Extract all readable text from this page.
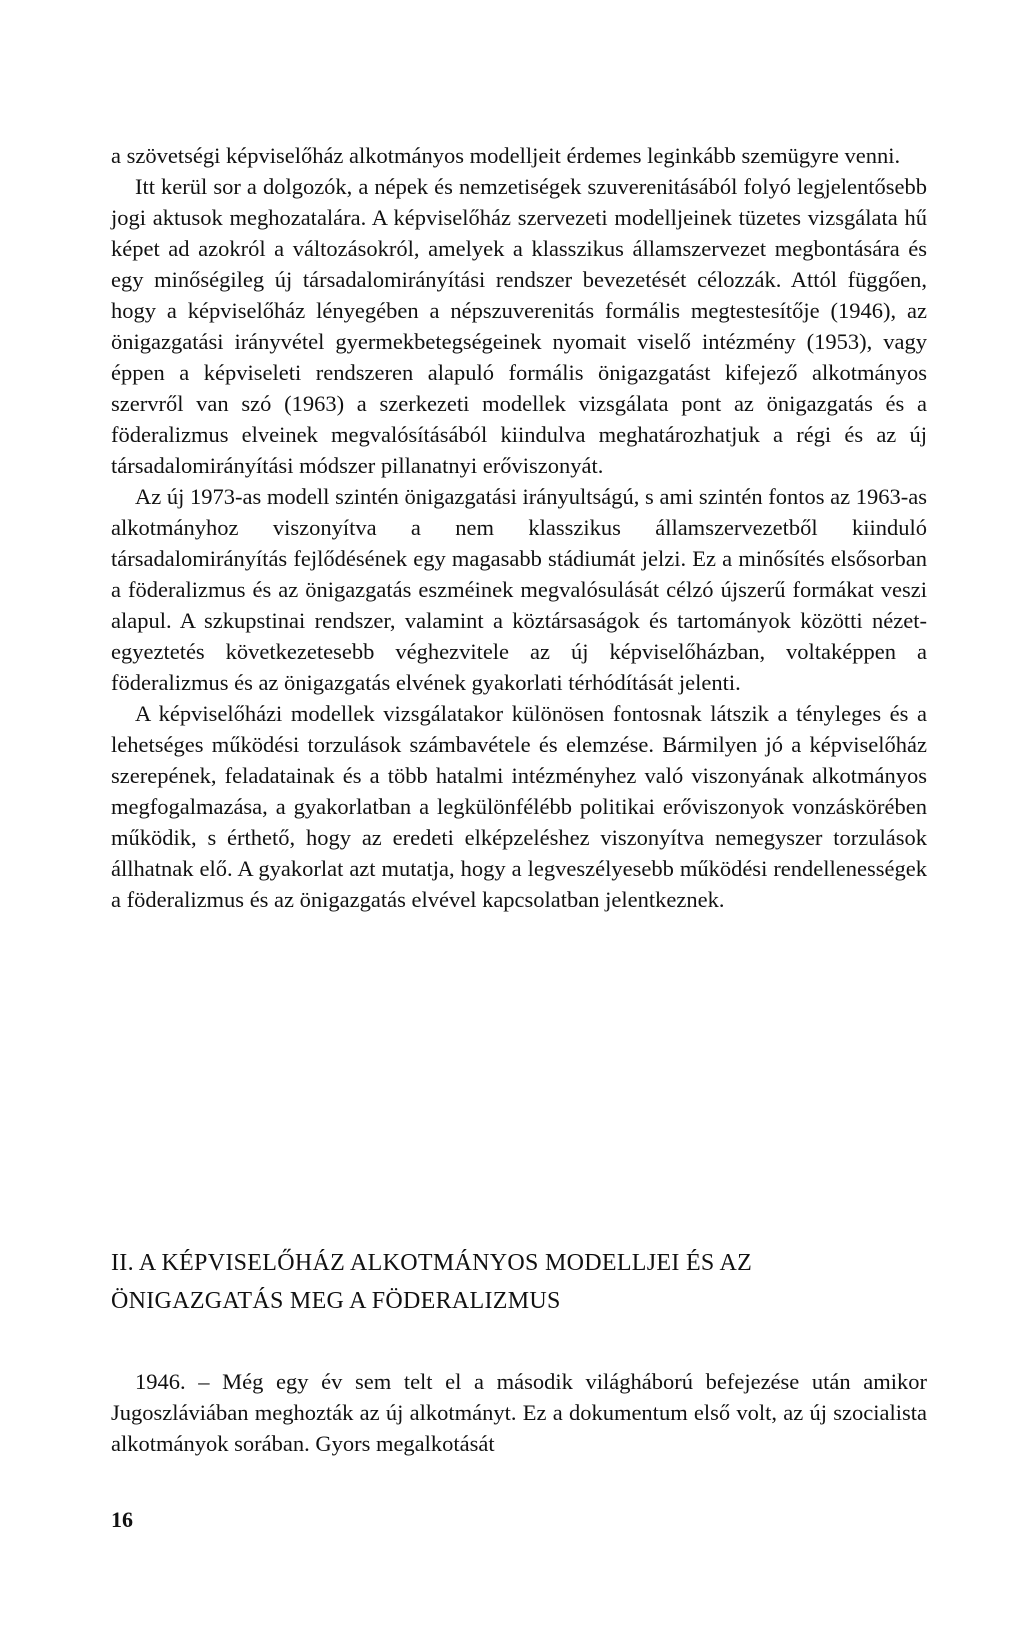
a szövetségi képviselőház alkotmányos modelljeit érdemes leginkább szemügyre venni.

Itt kerül sor a dolgozók, a népek és nemzetiségek szuverenitásából folyó legjelentősebb jogi aktusok meghozatalára. A képviselőház szervezeti modelljeinek tüzetes vizsgálata hű képet ad azokról a változásokról, amelyek a klasszikus államszervezet megbontására és egy minőségileg új társadalomirányítási rendszer bevezetését célozzák. Attól függően, hogy a képviselőház lényegében a népszuverenitás formális megtestesítője (1946), az önigazgatási irányvétel gyermekbetegségeinek nyomait viselő intézmény (1953), vagy éppen a képviseleti rendszeren alapuló formális önigazgatást kifejező alkotmányos szervről van szó (1963) a szerkezeti modellek vizsgálata pont az önigazgatás és a föderalizmus elveinek megvalósításából kiindulva meghatározhatjuk a régi és az új társadalomirányítási módszer pillanatnyi erőviszonyát.

Az új 1973-as modell szintén önigazgatási irányultságú, s ami szintén fontos az 1963-as alkotmányhoz viszonyítva a nem klasszikus államszervezetből kiinduló társadalomirányítás fejlődésének egy magasabb stádiumát jelzi. Ez a minősítés elsősorban a föderalizmus és az önigazgatás eszméinek megvalósulását célzó újszerű formákat veszi alapul. A szkupstinai rendszer, valamint a köztársaságok és tartományok közötti nézetegyeztetés következetesebb véghezvitele az új képviselőházban, voltaképpen a föderalizmus és az önigazgatás elvének gyakorlati térhódítását jelenti.

A képviselőházi modellek vizsgálatakor különösen fontosnak látszik a tényleges és a lehetséges működési torzulások számbavétele és elemzése. Bármilyen jó a képviselőház szerepének, feladatainak és a több hatalmi intézményhez való viszonyának alkotmányos megfogalmazása, a gyakorlatban a legkülönfélébb politikai erőviszonyok vonzáskörében működik, s érthető, hogy az eredeti elképzeléshez viszonyítva nemegyszer torzulások állhatnak elő. A gyakorlat azt mutatja, hogy a legveszélyesebb működési rendellenességek a föderalizmus és az önigazgatás elvével kapcsolatban jelentkeznek.

II. A KÉPVISELŐHÁZ ALKOTMÁNYOS MODELLJEI ÉS AZ
ÖNIGAZGATÁS MEG A FÖDERALIZMUS

1946. – Még egy év sem telt el a második világháború befejezése után amikor Jugoszláviában meghozták az új alkotmányt. Ez a dokumentum első volt, az új szocialista alkotmányok sorában. Gyors megalkotását

16
